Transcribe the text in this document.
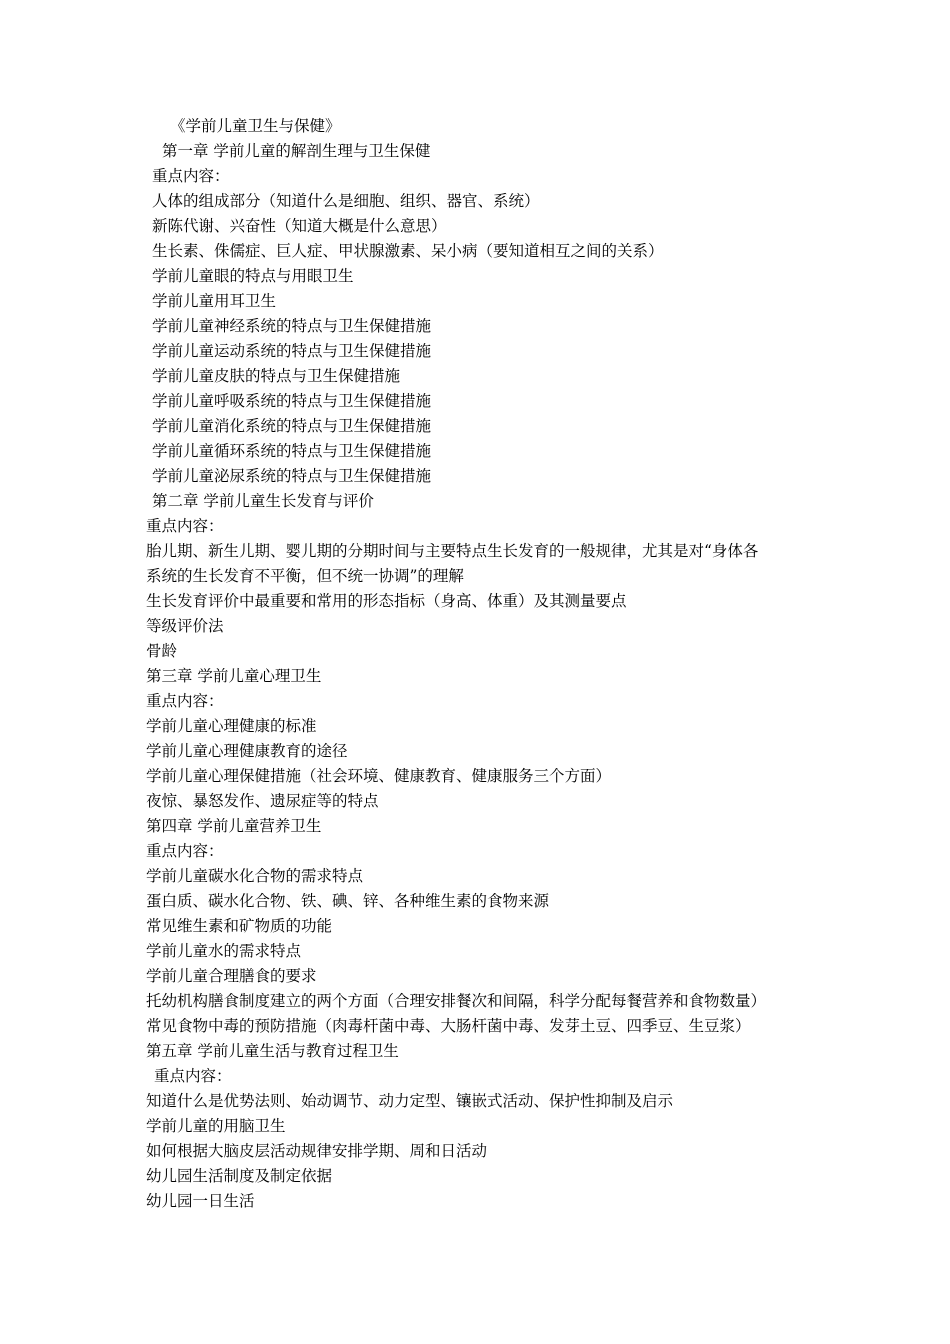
《学前儿童卫生与保健》
第一章 学前儿童的解剖生理与卫生保健
重点内容：
人体的组成部分（知道什么是细胞、组织、器官、系统）
新陈代谢、兴奋性（知道大概是什么意思）
生长素、侏儒症、巨人症、甲状腺激素、呆小病（要知道相互之间的关系）
学前儿童眼的特点与用眼卫生
学前儿童用耳卫生
学前儿童神经系统的特点与卫生保健措施
学前儿童运动系统的特点与卫生保健措施
学前儿童皮肤的特点与卫生保健措施
学前儿童呼吸系统的特点与卫生保健措施
学前儿童消化系统的特点与卫生保健措施
学前儿童循环系统的特点与卫生保健措施
学前儿童泌尿系统的特点与卫生保健措施
第二章 学前儿童生长发育与评价
重点内容：
胎儿期、新生儿期、婴儿期的分期时间与主要特点生长发育的一般规律，尤其是对“身体各
系统的生长发育不平衡，但不统一协调”的理解
生长发育评价中最重要和常用的形态指标（身高、体重）及其测量要点
等级评价法
骨龄
第三章 学前儿童心理卫生
重点内容：
学前儿童心理健康的标准
学前儿童心理健康教育的途径
学前儿童心理保健措施（社会环境、健康教育、健康服务三个方面）
夜惊、暴怒发作、遗尿症等的特点
第四章 学前儿童营养卫生
重点内容：
学前儿童碳水化合物的需求特点
蛋白质、碳水化合物、铁、碘、锌、各种维生素的食物来源
常见维生素和矿物质的功能
学前儿童水的需求特点
学前儿童合理膳食的要求
托幼机构膳食制度建立的两个方面（合理安排餐次和间隔，科学分配每餐营养和食物数量）
常见食物中毒的预防措施（肉毒杆菌中毒、大肠杆菌中毒、发芽土豆、四季豆、生豆浆）
第五章 学前儿童生活与教育过程卫生
重点内容：
知道什么是优势法则、始动调节、动力定型、镶嵌式活动、保护性抑制及启示
学前儿童的用脑卫生
如何根据大脑皮层活动规律安排学期、周和日活动
幼儿园生活制度及制定依据
幼儿园一日生活
